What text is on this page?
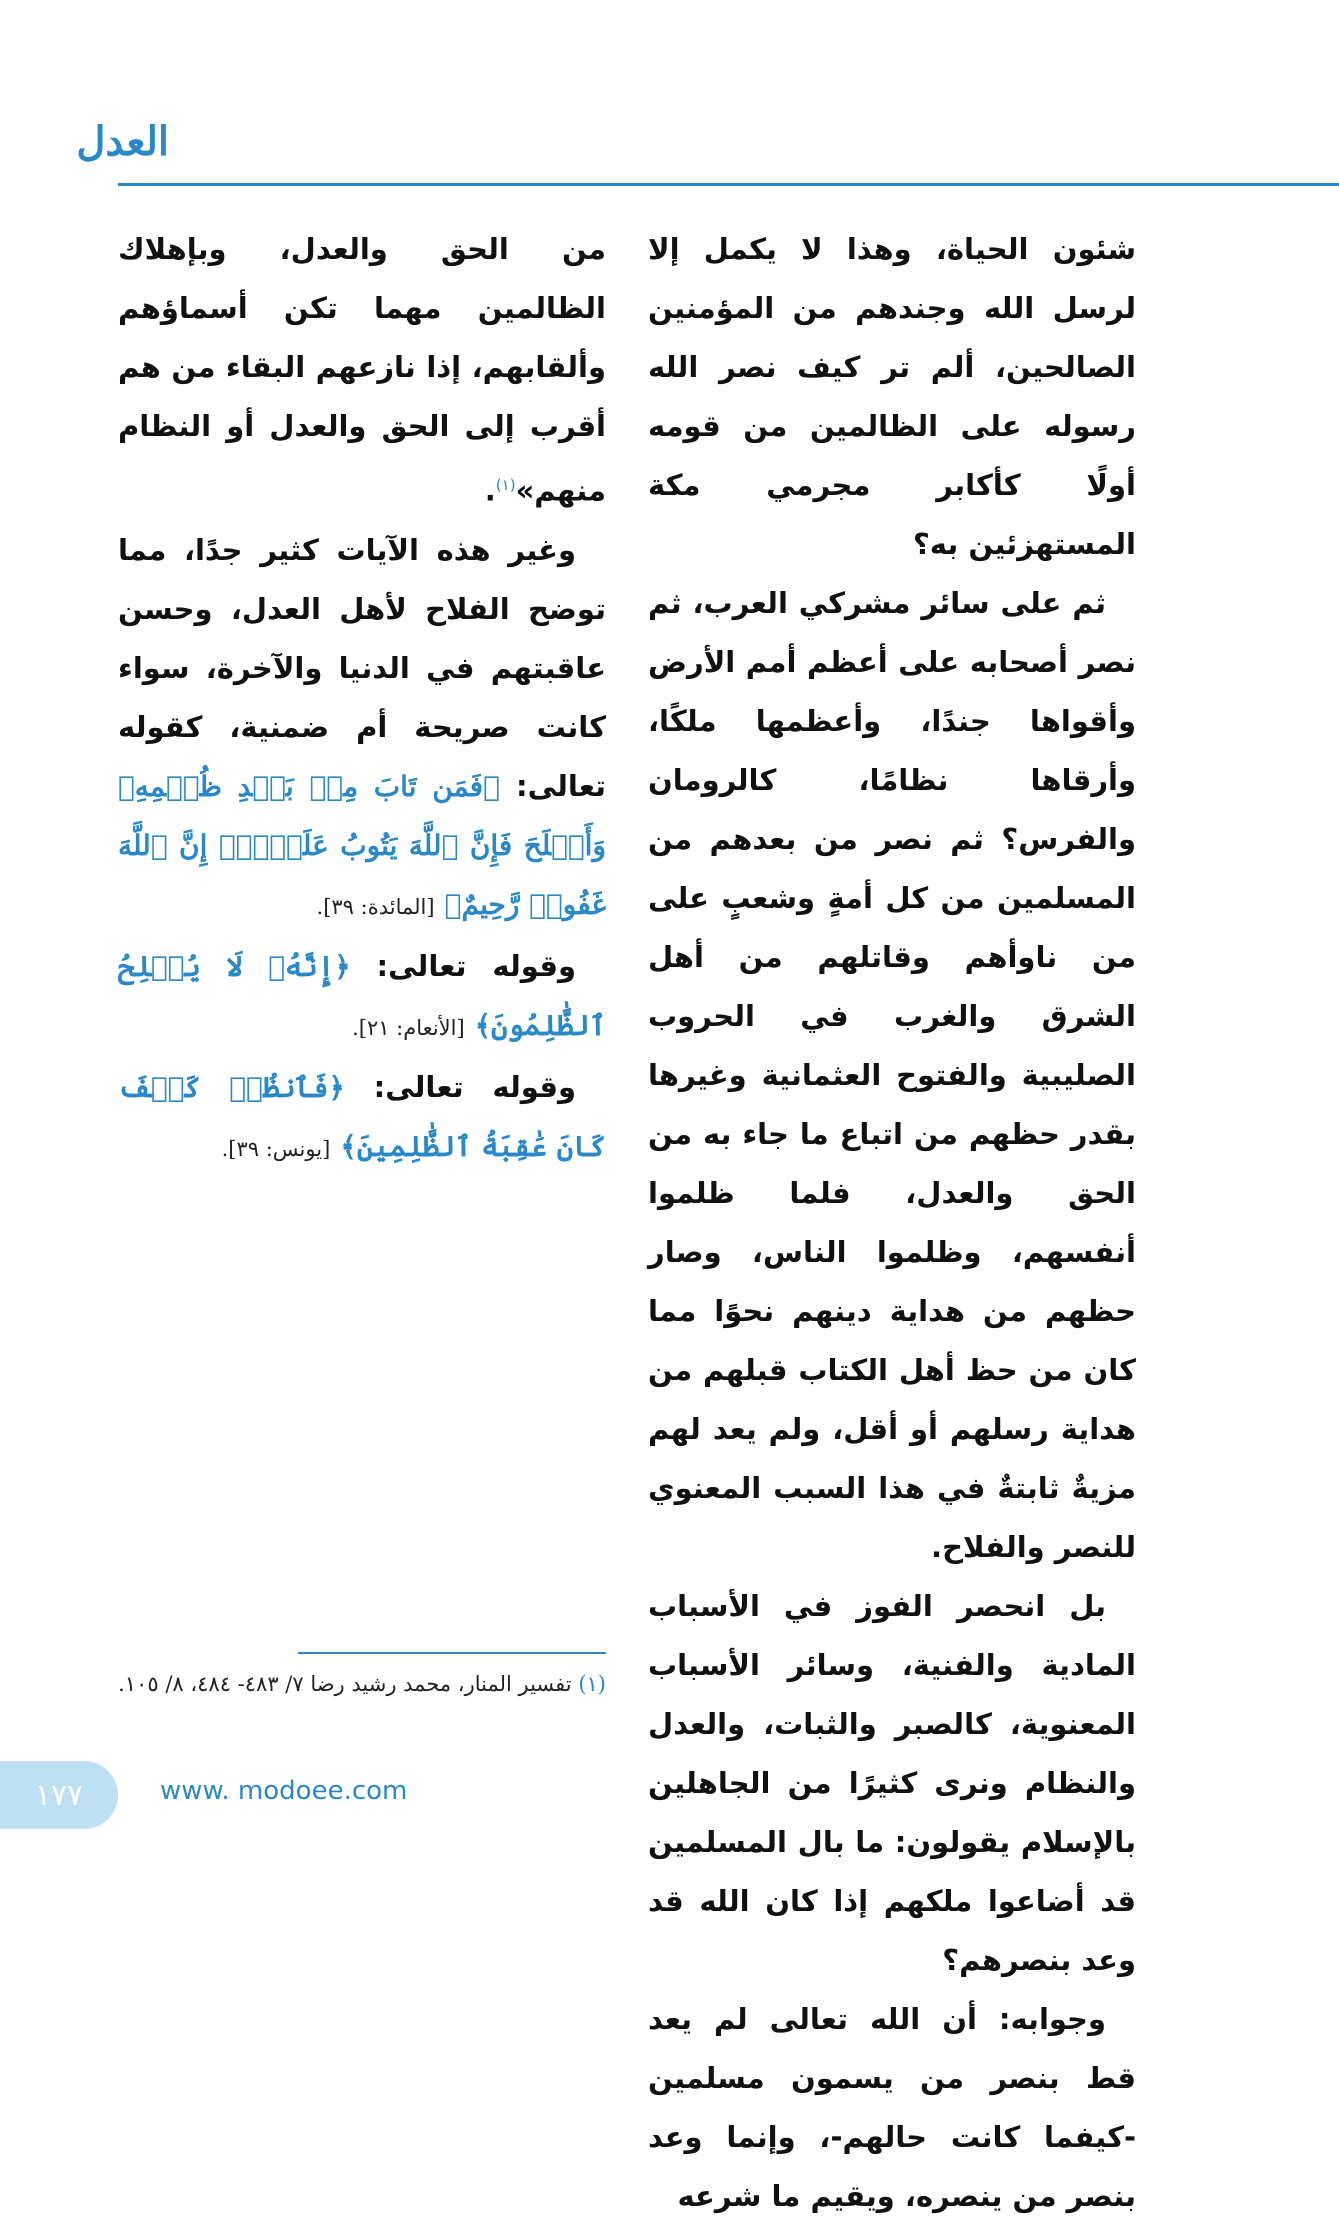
العدل

شئون الحياة، وهذا لا يكمل إلا لرسل الله وجندهم من المؤمنين الصالحين، ألم تر كيف نصر الله رسوله على الظالمين من قومه أولًا كأكابر مجرمي مكة المستهزئين به؟

ثم على سائر مشركي العرب، ثم نصر أصحابه على أعظم أمم الأرض وأقواها جندًا، وأعظمها ملكًا، وأرقاها نظامًا، كالرومان والفرس؟ ثم نصر من بعدهم من المسلمين من كل أمةٍ وشعبٍ على من ناوأهم وقاتلهم من أهل الشرق والغرب في الحروب الصليبية والفتوح العثمانية وغيرها بقدر حظهم من اتباع ما جاء به من الحق والعدل، فلما ظلموا أنفسهم، وظلموا الناس، وصار حظهم من هداية دينهم نحوًا مما كان من حظ أهل الكتاب قبلهم من هداية رسلهم أو أقل، ولم يعد لهم مزيةٌ ثابتةٌ في هذا السبب المعنوي للنصر والفلاح.

بل انحصر الفوز في الأسباب المادية والفنية، وسائر الأسباب المعنوية، كالصبر والثبات، والعدل والنظام ونرى كثيرًا من الجاهلين بالإسلام يقولون: ما بال المسلمين قد أضاعوا ملكهم إذا كان الله قد وعد بنصرهم؟

وجوابه: أن الله تعالى لم يعد قط بنصر من يسمون مسلمين -كيفما كانت حالهم-، وإنما وعد بنصر من ينصره، ويقيم ما شرعه

من الحق والعدل، وبإهلاك الظالمين مهما تكن أسماؤهم وألقابهم، إذا نازعهم البقاء من هم أقرب إلى الحق والعدل أو النظام منهم»$^{(١)}$.

وغير هذه الآيات كثير جدًا، مما توضح الفلاح لأهل العدل، وحسن عاقبتهم في الدنيا والآخرة، سواء كانت صريحة أم ضمنية، كقوله تعالى: ﴿فَمَن تَابَ مِنۢ بَعۡدِ ظُلۡمِهِۦ وَأَصۡلَحَ فَإِنَّ ٱللَّهَ يَتُوبُ عَلَيۡهِۚ إِنَّ ٱللَّهَ غَفُورٞ رَّحِيمٌ﴾ [المائدة: ٣٩].

وقوله تعالى: ﴿إِنَّهُۥ لَا يُفۡلِحُ ٱلظَّٰلِمُونَ﴾ [الأنعام: ٢١].

وقوله تعالى: ﴿فَٱنظُرۡ كَيۡفَ كَانَ عَٰقِبَةُ ٱلظَّٰلِمِينَ﴾ [يونس: ٣٩].

(١) تفسير المنار، محمد رشيد رضا ٧/ ٤٨٣- ٤٨٤، ٨/ ١٠٥.
١٧٧	www. modoee.com
